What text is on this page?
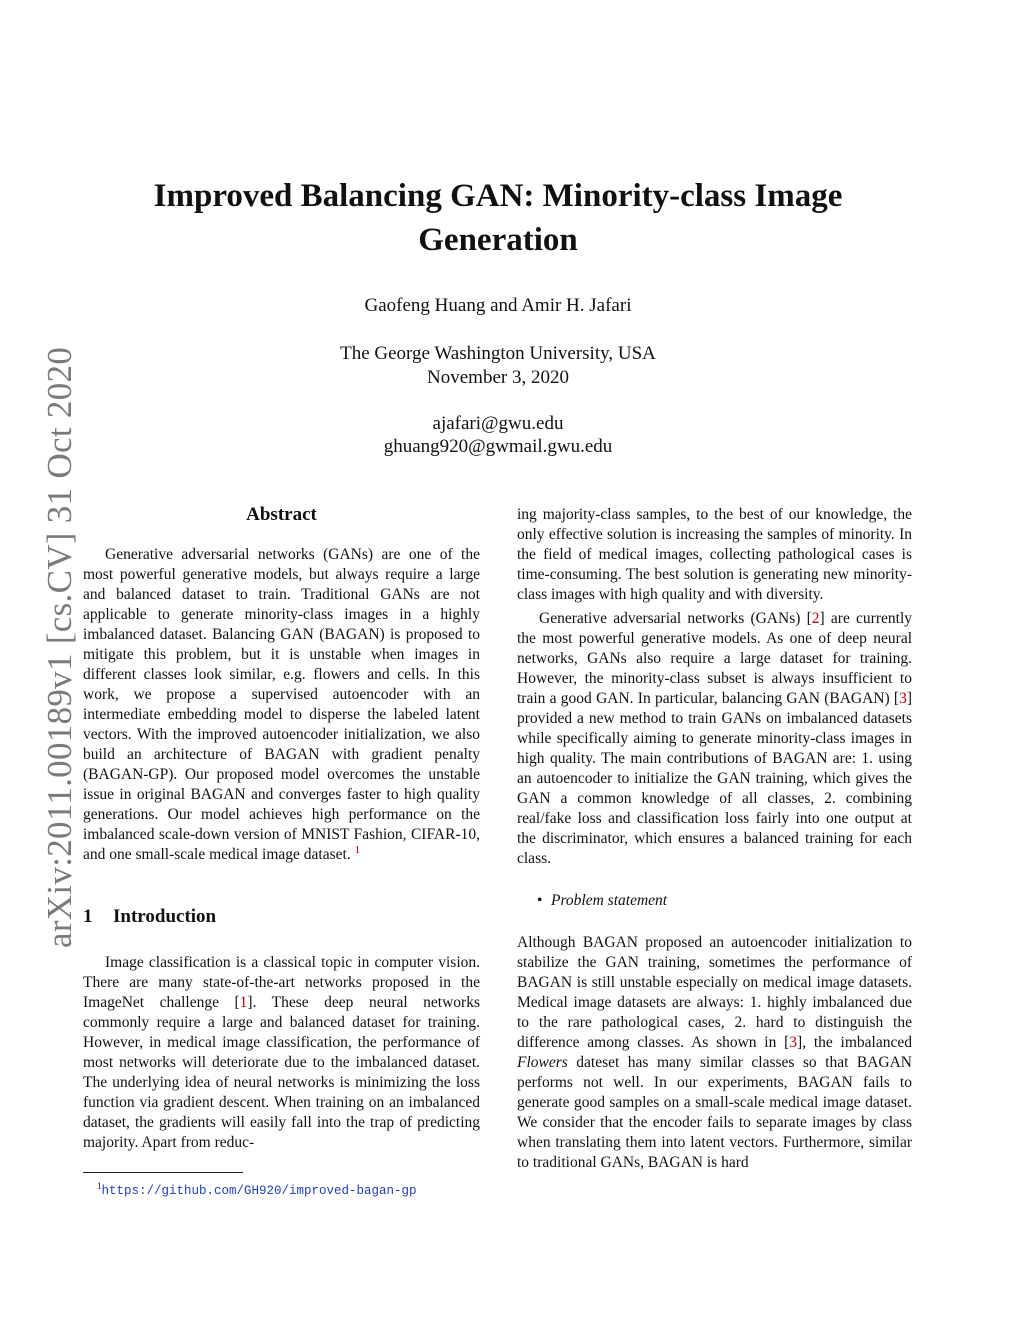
arXiv:2011.00189v1 [cs.CV] 31 Oct 2020
Improved Balancing GAN: Minority-class Image
Generation
Gaofeng Huang and Amir H. Jafari
The George Washington University, USA
November 3, 2020
ajafari@gwu.edu
ghuang920@gwmail.gwu.edu
Abstract

Generative adversarial networks (GANs) are one of the most powerful generative models, but always require a large and balanced dataset to train. Traditional GANs are not applicable to generate minority-class images in a highly imbalanced dataset. Balancing GAN (BAGAN) is proposed to mitigate this problem, but it is unstable when images in different classes look similar, e.g. flowers and cells. In this work, we propose a supervised autoencoder with an intermediate embedding model to disperse the labeled latent vectors. With the improved autoencoder initialization, we also build an architecture of BAGAN with gradient penalty (BAGAN-GP). Our proposed model overcomes the unstable issue in original BAGAN and converges faster to high quality generations. Our model achieves high performance on the imbalanced scale-down version of MNIST Fashion, CIFAR-10, and one small-scale medical image dataset. $^1$

1 Introduction

Image classification is a classical topic in computer vision. There are many state-of-the-art networks proposed in the ImageNet challenge [1]. These deep neural networks commonly require a large and balanced dataset for training. However, in medical image classification, the performance of most networks will deteriorate due to the imbalanced dataset. The underlying idea of neural networks is minimizing the loss function via gradient descent. When training on an imbalanced dataset, the gradients will easily fall into the trap of predicting majority. Apart from reduc-

$^1$https://github.com/GH920/improved-bagan-gp

ing majority-class samples, to the best of our knowledge, the only effective solution is increasing the samples of minority. In the field of medical images, collecting pathological cases is time-consuming. The best solution is generating new minority-class images with high quality and with diversity.

Generative adversarial networks (GANs) [2] are currently the most powerful generative models. As one of deep neural networks, GANs also require a large dataset for training. However, the minority-class subset is always insufficient to train a good GAN. In particular, balancing GAN (BAGAN) [3] provided a new method to train GANs on imbalanced datasets while specifically aiming to generate minority-class images in high quality. The main contributions of BAGAN are: 1. using an autoencoder to initialize the GAN training, which gives the GAN a common knowledge of all classes, 2. combining real/fake loss and classification loss fairly into one output at the discriminator, which ensures a balanced training for each class.

• Problem statement

Although BAGAN proposed an autoencoder initialization to stabilize the GAN training, sometimes the performance of BAGAN is still unstable especially on medical image datasets. Medical image datasets are always: 1. highly imbalanced due to the rare pathological cases, 2. hard to distinguish the difference among classes. As shown in [3], the imbalanced Flowers dateset has many similar classes so that BAGAN performs not well. In our experiments, BAGAN fails to generate good samples on a small-scale medical image dataset. We consider that the encoder fails to separate images by class when translating them into latent vectors. Furthermore, similar to traditional GANs, BAGAN is hard
